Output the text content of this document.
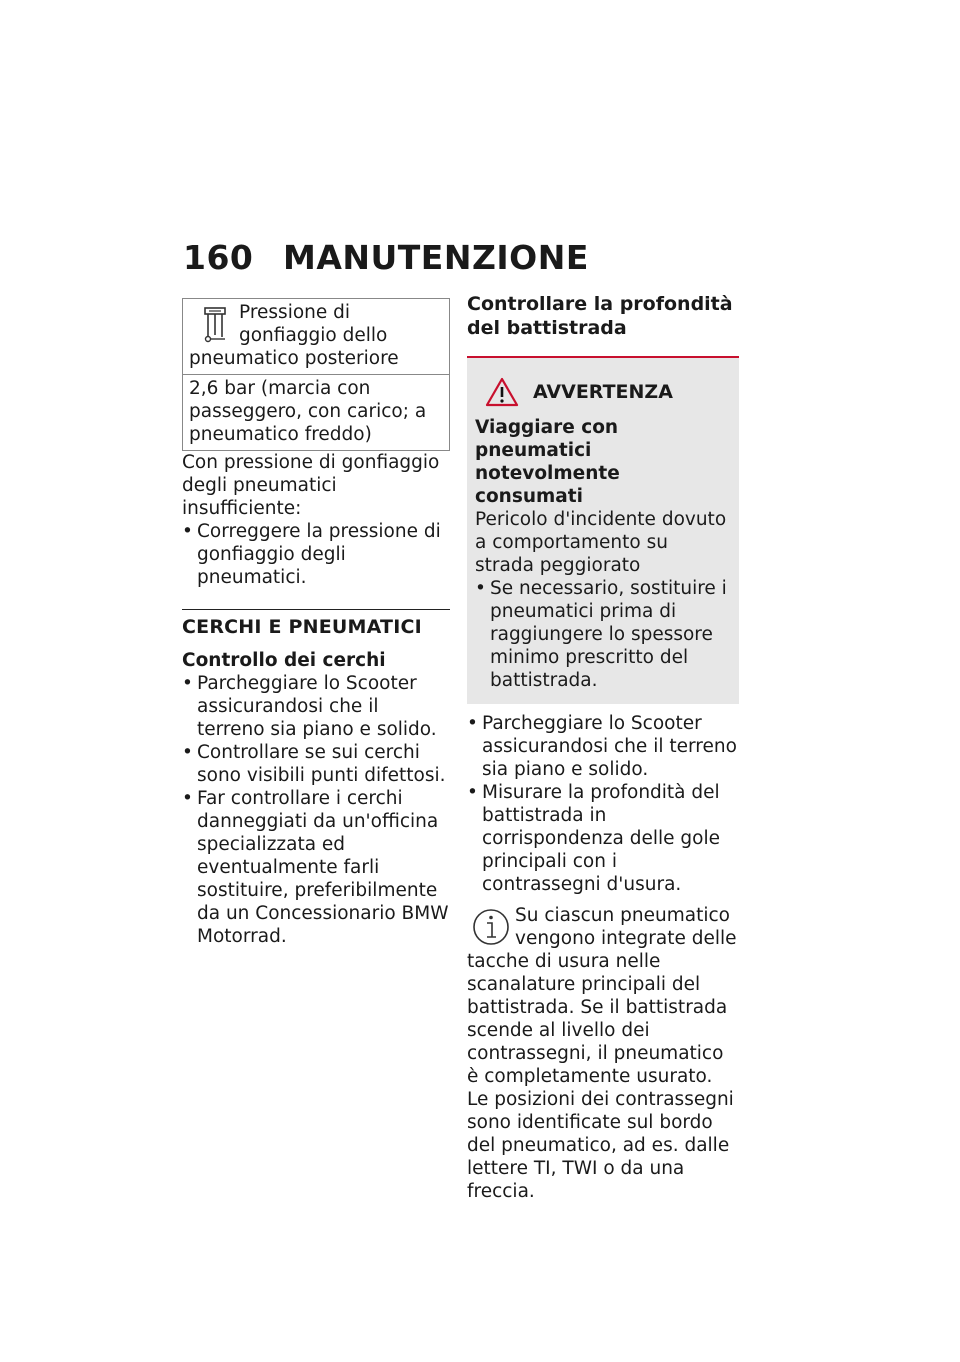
160 MANUTENZIONE
Pressione di gonfiaggio dello pneumatico posteriore
2,6 bar (marcia con passeggero, con carico; a pneumatico freddo)

Con pressione di gonfiaggio degli pneumatici insufficiente:

• Correggere la pressione di gonfiaggio degli pneumatici.
CERCHI E PNEUMATICI
Controllo dei cerchi
• Parcheggiare lo Scooter assicurandosi che il terreno sia piano e solido.
• Controllare se sui cerchi sono visibili punti difettosi.
• Far controllare i cerchi danneggiati da un'officina specializzata ed eventualmente farli sostituire, preferibilmente da un Concessionario BMW Motorrad.
Controllare la profondità del battistrada
AVVERTENZA
Viaggiare con pneumatici notevolmente consumati

Pericolo d'incidente dovuto a comportamento su strada peggiorato

• Se necessario, sostituire i pneumatici prima di raggiungere lo spessore minimo prescritto del battistrada.
• Parcheggiare lo Scooter assicurandosi che il terreno sia piano e solido.
• Misurare la profondità del battistrada in corrispondenza delle gole principali con i contrassegni d'usura.
Su ciascun pneumatico vengono integrate delle tacche di usura nelle scanalature principali del battistrada. Se il battistrada scende al livello dei contrassegni, il pneumatico è completamente usurato. Le posizioni dei contrassegni sono identificate sul bordo del pneumatico, ad es. dalle lettere TI, TWI o da una freccia.
